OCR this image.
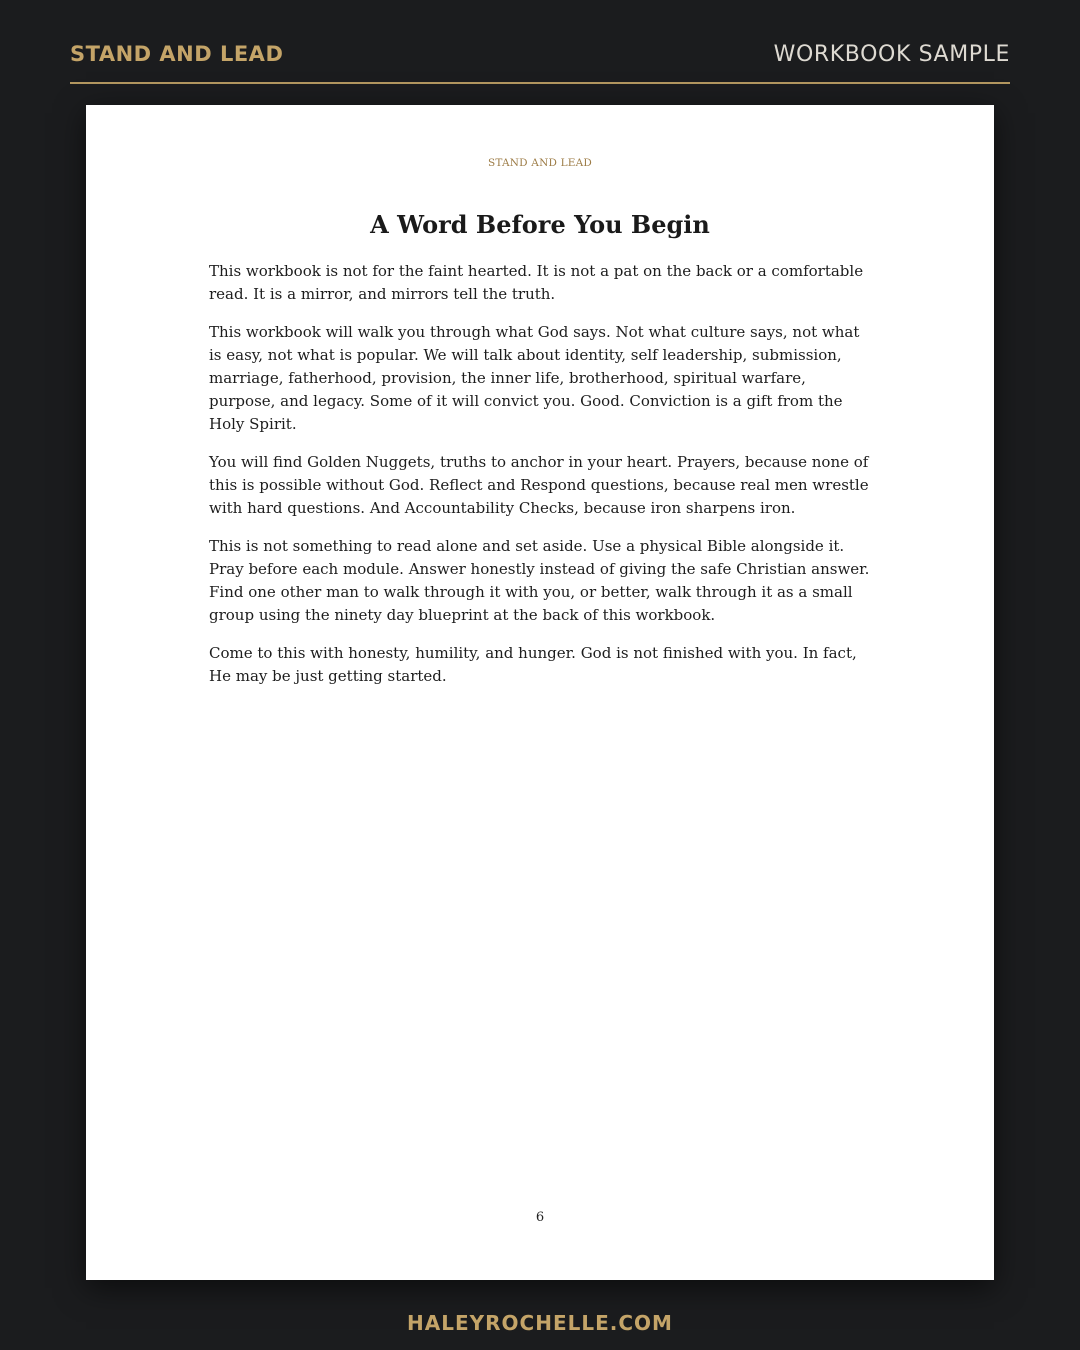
STAND AND LEAD	WORKBOOK SAMPLE
STAND AND LEAD
A Word Before You Begin

This workbook is not for the faint hearted. It is not a pat on the back or a comfortable read. It is a mirror, and mirrors tell the truth.

This workbook will walk you through what God says. Not what culture says, not what is easy, not what is popular. We will talk about identity, self leadership, submission, marriage, fatherhood, provision, the inner life, brotherhood, spiritual warfare, purpose, and legacy. Some of it will convict you. Good. Conviction is a gift from the Holy Spirit.

You will find Golden Nuggets, truths to anchor in your heart. Prayers, because none of this is possible without God. Reflect and Respond questions, because real men wrestle with hard questions. And Accountability Checks, because iron sharpens iron.

This is not something to read alone and set aside. Use a physical Bible alongside it. Pray before each module. Answer honestly instead of giving the safe Christian answer. Find one other man to walk through it with you, or better, walk through it as a small group using the ninety day blueprint at the back of this workbook.

Come to this with honesty, humility, and hunger. God is not finished with you. In fact, He may be just getting started.

6
HALEYROCHELLE.COM
